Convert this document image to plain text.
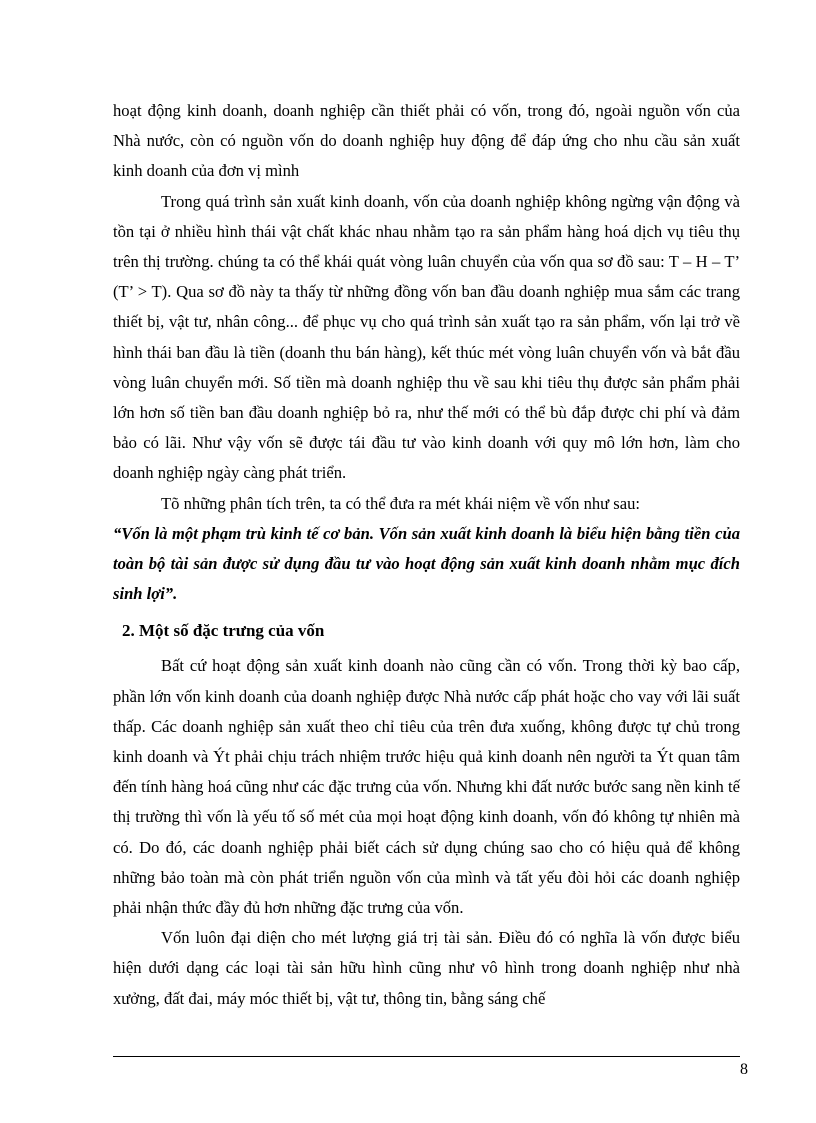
hoạt động kinh doanh, doanh nghiệp cần thiết phải có vốn, trong đó, ngoài nguồn vốn của Nhà nước, còn có nguồn vốn do doanh nghiệp huy động để đáp ứng cho nhu cầu sản xuất kinh doanh của đơn vị mình

Trong quá trình sản xuất kinh doanh, vốn của doanh nghiệp không ngừng vận động và tồn tại ở nhiều hình thái vật chất khác nhau nhằm tạo ra sản phẩm hàng hoá dịch vụ tiêu thụ trên thị trường. chúng ta có thể khái quát vòng luân chuyển của vốn qua sơ đồ sau: T – H – T’ (T’ > T). Qua sơ đồ này ta thấy từ những đồng vốn ban đầu doanh nghiệp mua sắm các trang thiết bị, vật tư, nhân công... để phục vụ cho quá trình sản xuất tạo ra sản phẩm, vốn lại trở về hình thái ban đầu là tiền (doanh thu bán hàng), kết thúc mét vòng luân chuyển vốn và bắt đầu vòng luân chuyển mới. Số tiền mà doanh nghiệp thu về sau khi tiêu thụ được sản phẩm phải lớn hơn số tiền ban đầu doanh nghiệp bỏ ra, như thế mới có thể bù đắp được chi phí và đảm bảo có lãi. Như vậy vốn sẽ được tái đầu tư vào kinh doanh với quy mô lớn hơn, làm cho doanh nghiệp ngày càng phát triển.

Tõ những phân tích trên, ta có thể đưa ra mét khái niệm về vốn như sau:

“Vốn là một phạm trù kinh tế cơ bản. Vốn sản xuất kinh doanh là biểu hiện bằng tiền của toàn bộ tài sản được sử dụng đầu tư vào hoạt động sản xuất kinh doanh nhằm mục đích sinh lợi”.

2. Một số đặc trưng của vốn

Bất cứ hoạt động sản xuất kinh doanh nào cũng cần có vốn. Trong thời kỳ bao cấp, phần lớn vốn kinh doanh của doanh nghiệp được Nhà nước cấp phát hoặc cho vay với lãi suất thấp. Các doanh nghiệp sản xuất theo chỉ tiêu của trên đưa xuống, không được tự chủ trong kinh doanh và Ýt phải chịu trách nhiệm trước hiệu quả kinh doanh nên người ta Ýt quan tâm đến tính hàng hoá cũng như các đặc trưng của vốn. Nhưng khi đất nước bước sang nền kinh tế thị trường thì vốn là yếu tố số mét của mọi hoạt động kinh doanh, vốn đó không tự nhiên mà có. Do đó, các doanh nghiệp phải biết cách sử dụng chúng sao cho có hiệu quả để không những bảo toàn mà còn phát triển nguồn vốn của mình và tất yếu đòi hỏi các doanh nghiệp phải nhận thức đầy đủ hơn những đặc trưng của vốn.

Vốn luôn đại diện cho mét lượng giá trị tài sản. Điều đó có nghĩa là vốn được biểu hiện dưới dạng các loại tài sản hữu hình cũng như vô hình trong doanh nghiệp như nhà xưởng, đất đai, máy móc thiết bị, vật tư, thông tin, bằng sáng chế

8
